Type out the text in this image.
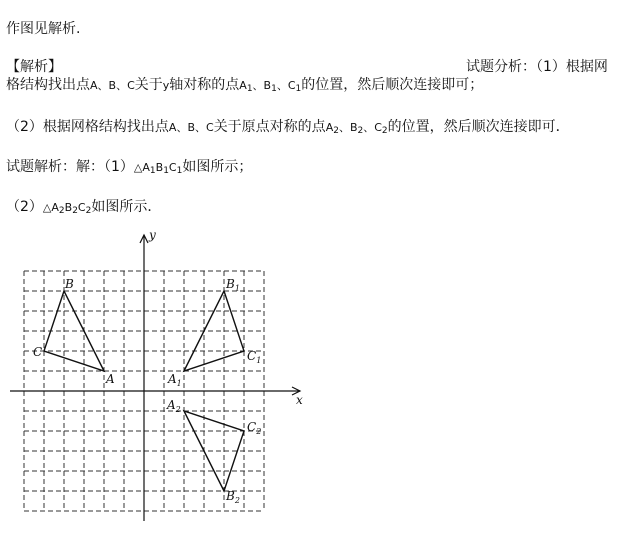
作图见解析.
【解析】	试题分析：（1）根据网
格结构找出点A、B、C关于y轴对称的点$A_1$、$B_1$、$C_1$的位置，然后顺次连接即可；
（2）根据网格结构找出点A、B、C关于原点对称的点$A_2$、$B_2$、$C_2$的位置，然后顺次连接即可．
试题解析：解：$(1)\triangle A_1B_1C_1$如图所示；
$(2)\triangle A_2B_2C_2$如图所示．
A
B
C
$A_1$
$B_1$
$C_1$
$A_2$
$B_2$
$C_2$
x
y
